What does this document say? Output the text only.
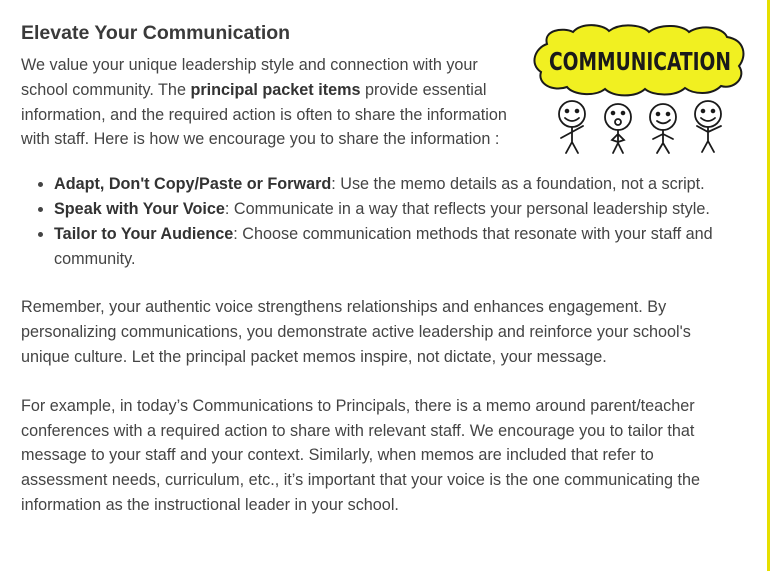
Elevate Your Communication

We value your unique leadership style and connection with your school community. The principal packet items provide essential information, and the required action is often to share the information with staff. Here is how we encourage you to share the information :

• Adapt, Don't Copy/Paste or Forward: Use the memo details as a foundation, not a script.
• Speak with Your Voice: Communicate in a way that reflects your personal leadership style.
• Tailor to Your Audience: Choose communication methods that resonate with your staff and community.

Remember, your authentic voice strengthens relationships and enhances engagement. By personalizing communications, you demonstrate active leadership and reinforce your school's unique culture. Let the principal packet memos inspire, not dictate, your message.

For example, in today’s Communications to Principals, there is a memo around parent/teacher conferences with a required action to share with relevant staff. We encourage you to tailor that message to your staff and your context. Similarly, when memos are included that refer to assessment needs, curriculum, etc., it’s important that your voice is the one communicating the information as the instructional leader in your school.

COMMUNICATION
